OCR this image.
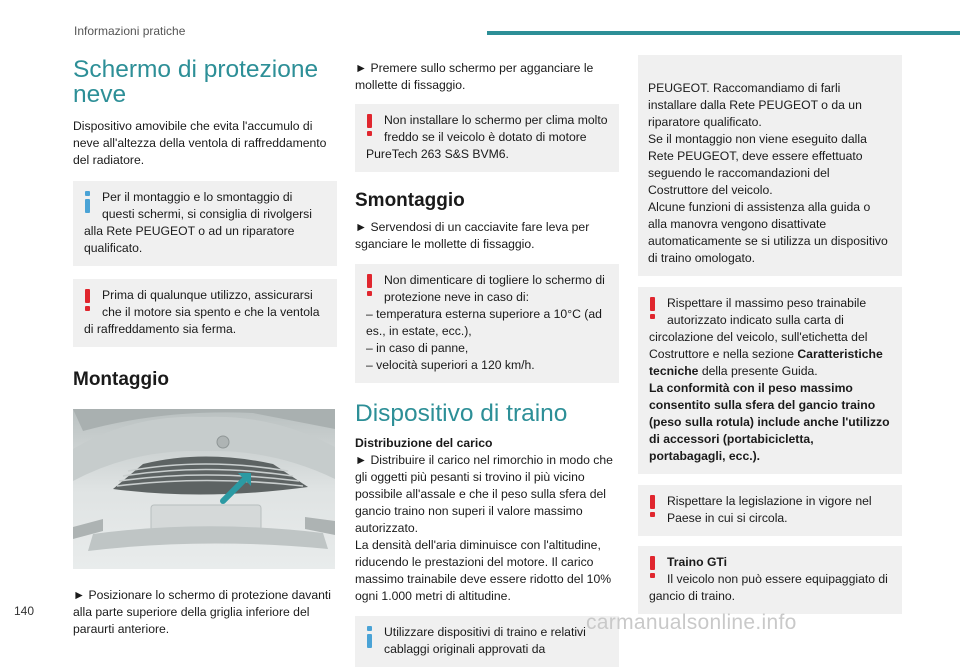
Informazioni pratiche
Schermo di protezione
neve

Dispositivo amovibile che evita l'accumulo di neve all'altezza della ventola di raffreddamento del radiatore.

Per il montaggio e lo smontaggio di
questi schermi, si consiglia di rivolgersi
alla Rete PEUGEOT o ad un riparatore qualificato.
Prima di qualunque utilizzo, assicurarsi
che il motore sia spento e che la ventola
di raffreddamento sia ferma.
Montaggio

► Posizionare lo schermo di protezione davanti alla parte superiore della griglia inferiore del paraurti anteriore.

► Premere sullo schermo per agganciare le mollette di fissaggio.

Non installare lo schermo per clima molto
freddo se il veicolo è dotato di motore
PureTech 263 S&S BVM6.
Smontaggio

► Servendosi di un cacciavite fare leva per sganciare le mollette di fissaggio.

Non dimenticare di togliere lo schermo di
protezione neve in caso di:
– temperatura esterna superiore a 10°C (ad es., in estate, ecc.),
– in caso di panne,
– velocità superiori a 120 km/h.
Dispositivo di traino

Distribuzione del carico

► Distribuire il carico nel rimorchio in modo che gli oggetti più pesanti si trovino il più vicino possibile all'assale e che il peso sulla sfera del gancio traino non superi il valore massimo autorizzato.

La densità dell'aria diminuisce con l'altitudine, riducendo le prestazioni del motore. Il carico massimo trainabile deve essere ridotto del 10% ogni 1.000 metri di altitudine.

Utilizzare dispositivi di traino e relativi
cablaggi originali approvati da

PEUGEOT. Raccomandiamo di farli installare dalla Rete PEUGEOT o da un riparatore qualificato.
Se il montaggio non viene eseguito dalla Rete PEUGEOT, deve essere effettuato seguendo le raccomandazioni del Costruttore del veicolo.
Alcune funzioni di assistenza alla guida o alla manovra vengono disattivate automaticamente se si utilizza un dispositivo di traino omologato.

Rispettare il massimo peso trainabile
autorizzato indicato sulla carta di
circolazione del veicolo, sull'etichetta del Costruttore e nella sezione Caratteristiche tecniche della presente Guida.
La conformità con il peso massimo consentito sulla sfera del gancio traino (peso sulla rotula) include anche l'utilizzo di accessori (portabicicletta, portabagagli, ecc.).
Rispettare la legislazione in vigore nel
Paese in cui si circola.
Traino GTi
Il veicolo non può essere equipaggiato di
gancio di traino.
140	carmanualsonline.info
